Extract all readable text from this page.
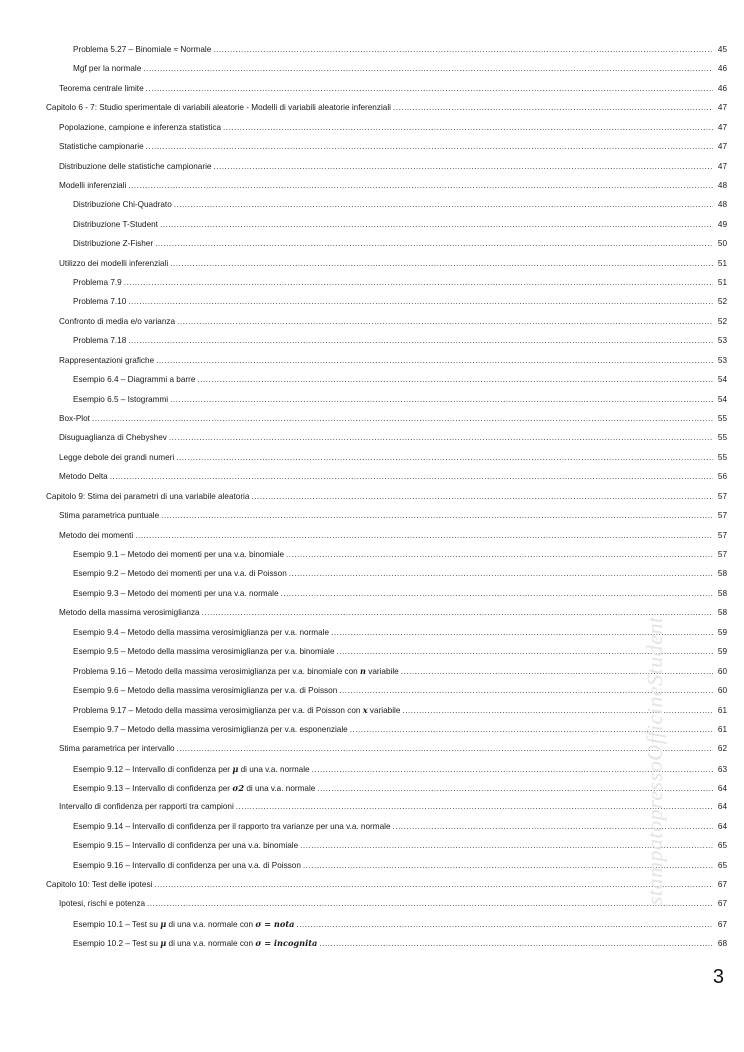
Problema 5.27 – Binomiale ≈ Normale .....	45
Mgf per la normale .....	46
Teorema centrale limite .....	46
Capitolo 6 - 7: Studio sperimentale di variabili aleatorie - Modelli di variabili aleatorie inferenziali .....	47
Popolazione, campione e inferenza statistica .....	47
Statistiche campionarie .....	47
Distribuzione delle statistiche campionarie .....	47
Modelli inferenziali .....	48
Distribuzione Chi-Quadrato .....	48
Distribuzione T-Student .....	49
Distribuzione Z-Fisher .....	50
Utilizzo dei modelli inferenziali .....	51
Problema 7.9 .....	51
Problema 7.10 .....	52
Confronto di media e/o varianza .....	52
Problema 7.18 .....	53
Rappresentazioni grafiche .....	53
Esempio 6.4 – Diagrammi a barre .....	54
Esempio 6.5 – Istogrammi .....	54
Box-Plot .....	55
Disuguaglianza di Chebyshev .....	55
Legge debole dei grandi numeri .....	55
Metodo Delta .....	56
Capitolo 9: Stima dei parametri di una variabile aleatoria .....	57
Stima parametrica puntuale .....	57
Metodo dei momenti .....	57
Esempio 9.1 – Metodo dei momenti per una v.a. binomiale .....	57
Esempio 9.2 – Metodo dei momenti per una v.a. di Poisson .....	58
Esempio 9.3 – Metodo dei momenti per una v.a. normale .....	58
Metodo della massima verosimiglianza .....	58
Esempio 9.4 – Metodo della massima verosimiglianza per v.a. normale .....	59
Esempio 9.5 – Metodo della massima verosimiglianza per v.a. binomiale .....	59
Problema 9.16 – Metodo della massima verosimiglianza per v.a. binomiale con n variabile .....	60
Esempio 9.6 – Metodo della massima verosimiglianza per v.a. di Poisson .....	60
Problema 9.17 – Metodo della massima verosimiglianza per v.a. di Poisson con x variabile .....	61
Esempio 9.7 – Metodo della massima verosimiglianza per v.a. esponenziale .....	61
Stima parametrica per intervallo .....	62
Esempio 9.12 – Intervallo di confidenza per μ di una v.a. normale .....	63
Esempio 9.13 – Intervallo di confidenza per σ2 di una v.a. normale .....	64
Intervallo di confidenza per rapporti tra campioni .....	64
Esempio 9.14 – Intervallo di confidenza per il rapporto tra varianze per una v.a. normale .....	64
Esempio 9.15 – Intervallo di confidenza per una v.a. binomiale .....	65
Esempio 9.16 – Intervallo di confidenza per una v.a. di Poisson .....	65
Capitolo 10: Test delle ipotesi .....	67
Ipotesi, rischi e potenza .....	67
Esempio 10.1 – Test su μ di una v.a. normale con σ = nota .....	67
Esempio 10.2 – Test su μ di una v.a. normale con σ = incognita .....	68
3
stampatopressoOfficineStudent
